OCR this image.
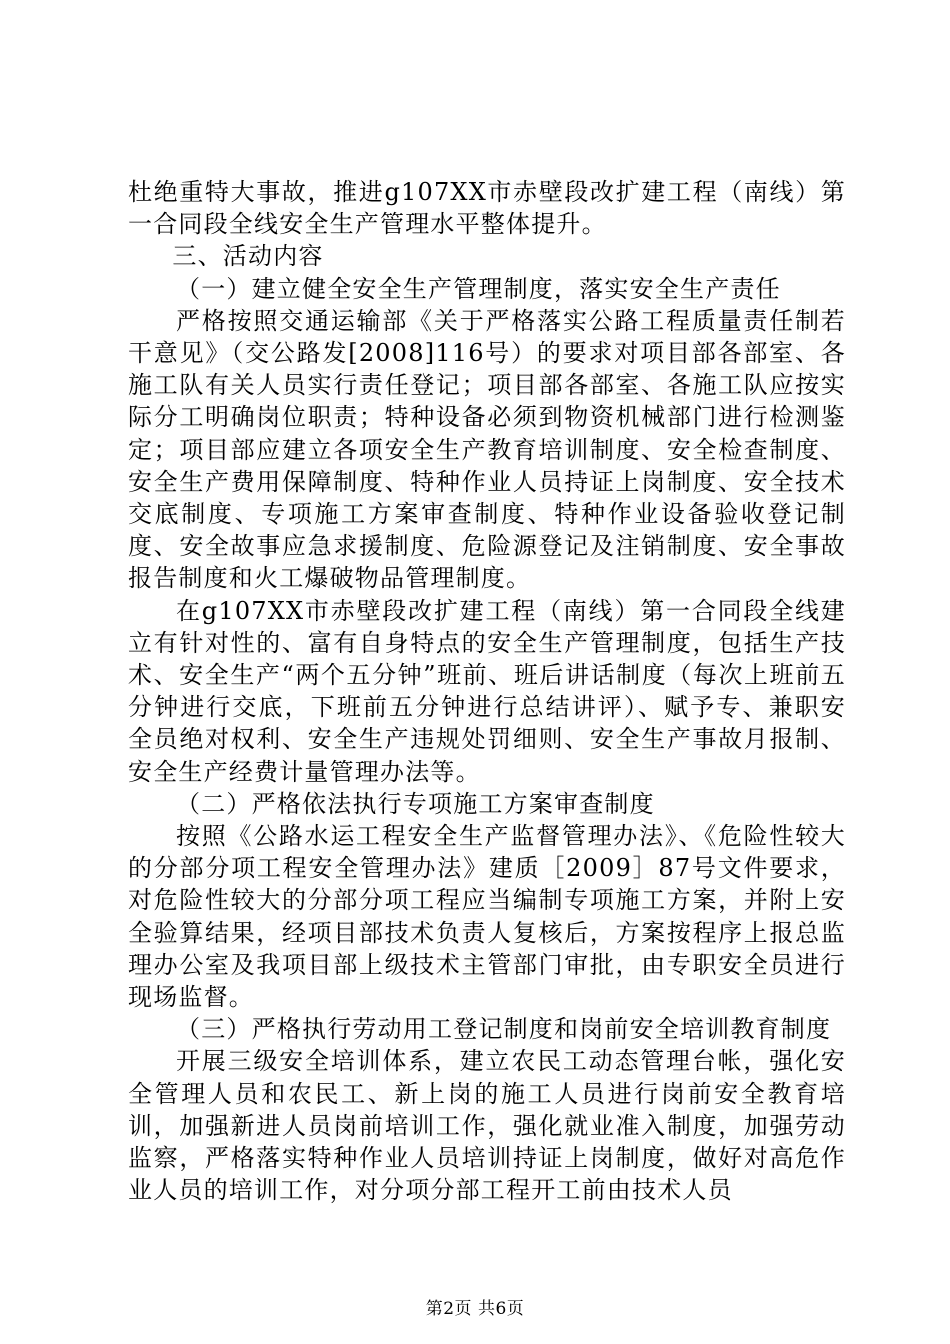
杜绝重特大事故，推进g107XX市赤壁段改扩建工程（南线）第一合同段全线安全生产管理水平整体提升。

三、活动内容

（一）建立健全安全生产管理制度，落实安全生产责任

严格按照交通运输部《关于严格落实公路工程质量责任制若干意见》（交公路发[2008]116号）的要求对项目部各部室、各施工队有关人员实行责任登记；项目部各部室、各施工队应按实际分工明确岗位职责；特种设备必须到物资机械部门进行检测鉴定；项目部应建立各项安全生产教育培训制度、安全检查制度、安全生产费用保障制度、特种作业人员持证上岗制度、安全技术交底制度、专项施工方案审查制度、特种作业设备验收登记制度、安全故事应急求援制度、危险源登记及注销制度、安全事故报告制度和火工爆破物品管理制度。

在g107XX市赤壁段改扩建工程（南线）第一合同段全线建立有针对性的、富有自身特点的安全生产管理制度，包括生产技术、安全生产“两个五分钟”班前、班后讲话制度（每次上班前五分钟进行交底，下班前五分钟进行总结讲评）、赋予专、兼职安全员绝对权利、安全生产违规处罚细则、安全生产事故月报制、安全生产经费计量管理办法等。

（二）严格依法执行专项施工方案审查制度

按照《公路水运工程安全生产监督管理办法》、《危险性较大的分部分项工程安全管理办法》建质［2009］87号文件要求，对危险性较大的分部分项工程应当编制专项施工方案，并附上安全验算结果，经项目部技术负责人复核后，方案按程序上报总监理办公室及我项目部上级技术主管部门审批，由专职安全员进行现场监督。

（三）严格执行劳动用工登记制度和岗前安全培训教育制度

开展三级安全培训体系，建立农民工动态管理台帐，强化安全管理人员和农民工、新上岗的施工人员进行岗前安全教育培训，加强新进人员岗前培训工作，强化就业准入制度，加强劳动监察，严格落实特种作业人员培训持证上岗制度，做好对高危作业人员的培训工作，对分项分部工程开工前由技术人员

第2页 共6页
